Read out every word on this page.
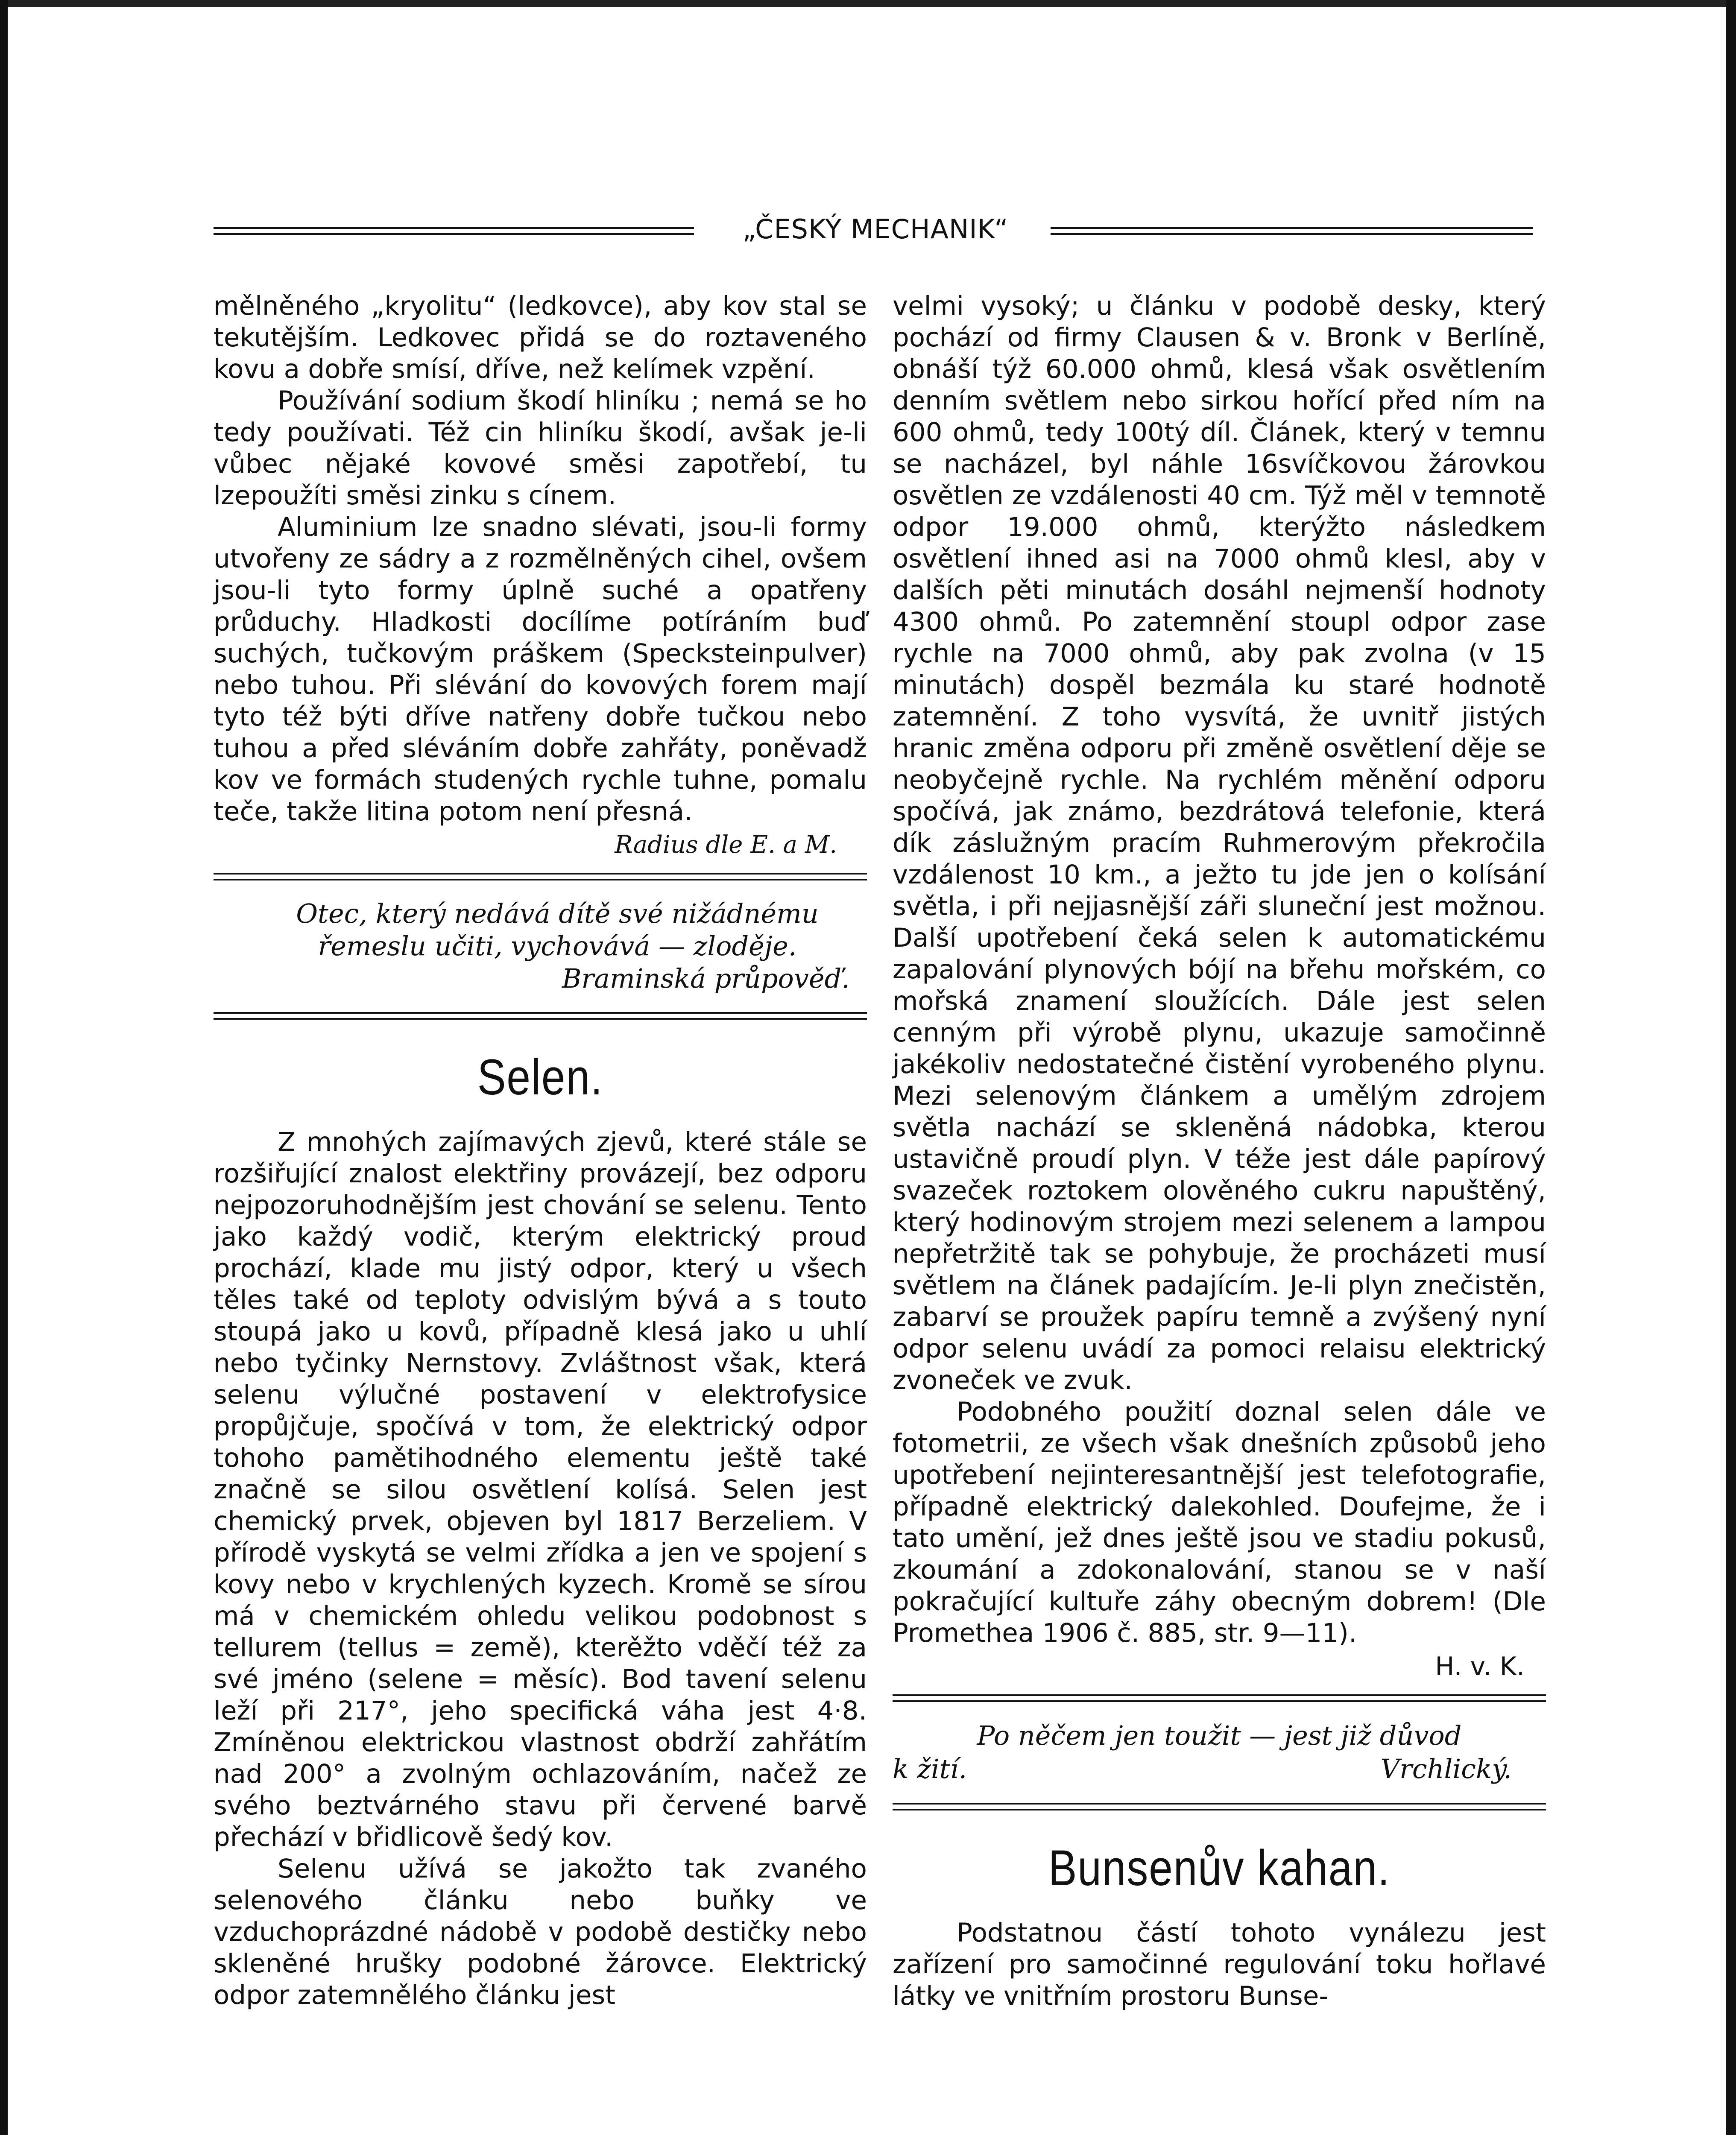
„ČESKÝ MECHANIK“

mělněného „kryolitu“ (ledkovce), aby kov stal se tekutějším. Ledkovec přidá se do roztaveného kovu a dobře smísí, dříve, než kelímek vzpění.

Používání sodium škodí hliníku ; nemá se ho tedy používati. Též cin hliníku škodí, avšak je-li vůbec nějaké kovové směsi zapotřebí, tu lzepoužíti směsi zinku s cínem.

Aluminium lze snadno slévati, jsou-li formy utvořeny ze sádry a z rozmělněných cihel, ovšem jsou-li tyto formy úplně suché a opatřeny průduchy. Hladkosti docílíme potíráním buď suchých, tučkovým práškem (Specksteinpulver) nebo tuhou. Při slévání do kovových forem mají tyto též býti dříve natřeny dobře tučkou nebo tuhou a před sléváním dobře zahřáty, poněvadž kov ve formách studených rychle tuhne, pomalu teče, takže litina potom není přesná.

Radius dle E. a M.
Otec, který nedává dítě své nižádnému řemeslu učiti, vychovává — zloděje.
Braminská průpověď.
Selen.

Z mnohých zajímavých zjevů, které stále se rozšiřující znalost elektřiny provázejí, bez odporu nejpozoruhodnějším jest chování se selenu. Tento jako každý vodič, kterým elektrický proud prochází, klade mu jistý odpor, který u všech těles také od teploty odvislým bývá a s touto stoupá jako u kovů, případně klesá jako u uhlí nebo tyčinky Nernstovy. Zvláštnost však, která selenu výlučné postavení v elektrofysice propůjčuje, spočívá v tom, že elektrický odpor tohoho pamětihodného elementu ještě také značně se silou osvětlení kolísá. Selen jest chemický prvek, objeven byl 1817 Berzeliem. V přírodě vyskytá se velmi zřídka a jen ve spojení s kovy nebo v krychlených kyzech. Kromě se sírou má v chemickém ohledu velikou podobnost s tellurem (tellus = země), kterěžto vděčí též za své jméno (selene = měsíc). Bod tavení selenu leží při 217°, jeho specifická váha jest 4·8. Zmíněnou elektrickou vlastnost obdrží zahřátím nad 200° a zvolným ochlazováním, načež ze svého beztvárného stavu při červené barvě přechází v břidlicově šedý kov.

Selenu užívá se jakožto tak zvaného selenového článku nebo buňky ve vzduchoprázdné nádobě v podobě destičky nebo skleněné hrušky podobné žárovce. Elektrický odpor zatemnělého článku jest

velmi vysoký; u článku v podobě desky, který pochází od firmy Clausen & v. Bronk v Berlíně, obnáší týž 60.000 ohmů, klesá však osvětlením denním světlem nebo sirkou hořící před ním na 600 ohmů, tedy 100tý díl. Článek, který v temnu se nacházel, byl náhle 16svíčkovou žárovkou osvětlen ze vzdálenosti 40 cm. Týž měl v temnotě odpor 19.000 ohmů, kterýžto následkem osvětlení ihned asi na 7000 ohmů klesl, aby v dalších pěti minutách dosáhl nejmenší hodnoty 4300 ohmů. Po zatemnění stoupl odpor zase rychle na 7000 ohmů, aby pak zvolna (v 15 minutách) dospěl bezmála ku staré hodnotě zatemnění. Z toho vysvítá, že uvnitř jistých hranic změna odporu při změně osvětlení děje se neobyčejně rychle. Na rychlém měnění odporu spočívá, jak známo, bezdrátová telefonie, která dík záslužným pracím Ruhmerovým překročila vzdálenost 10 km., a ježto tu jde jen o kolísání světla, i při nejjasnější záři sluneční jest možnou. Další upotřebení čeká selen k automatickému zapalování plynových bójí na břehu mořském, co mořská znamení sloužících. Dále jest selen cenným při výrobě plynu, ukazuje samočinně jakékoliv nedostatečné čistění vyrobeného plynu. Mezi selenovým článkem a umělým zdrojem světla nachází se skleněná nádobka, kterou ustavičně proudí plyn. V téže jest dále papírový svazeček roztokem olověného cukru napuštěný, který hodinovým strojem mezi selenem a lampou nepřetržitě tak se pohybuje, že procházeti musí světlem na článek padajícím. Je-li plyn znečistěn, zabarví se proužek papíru temně a zvýšený nyní odpor selenu uvádí za pomoci relaisu elektrický zvoneček ve zvuk.

Podobného použití doznal selen dále ve fotometrii, ze všech však dnešních způsobů jeho upotřebení nejinteresantnější jest telefotografie, případně elektrický dalekohled. Doufejme, že i tato umění, jež dnes ještě jsou ve stadiu pokusů, zkoumání a zdokonalování, stanou se v naší pokračující kultuře záhy obecným dobrem! (Dle Promethea 1906 č. 885, str. 9—11).

H. v. K.
Po něčem jen toužit — jest již důvod
k žití.	Vrchlický.
Bunsenův kahan.

Podstatnou částí tohoto vynálezu jest zařízení pro samočinné regulování toku hořlavé látky ve vnitřním prostoru Bunse-
